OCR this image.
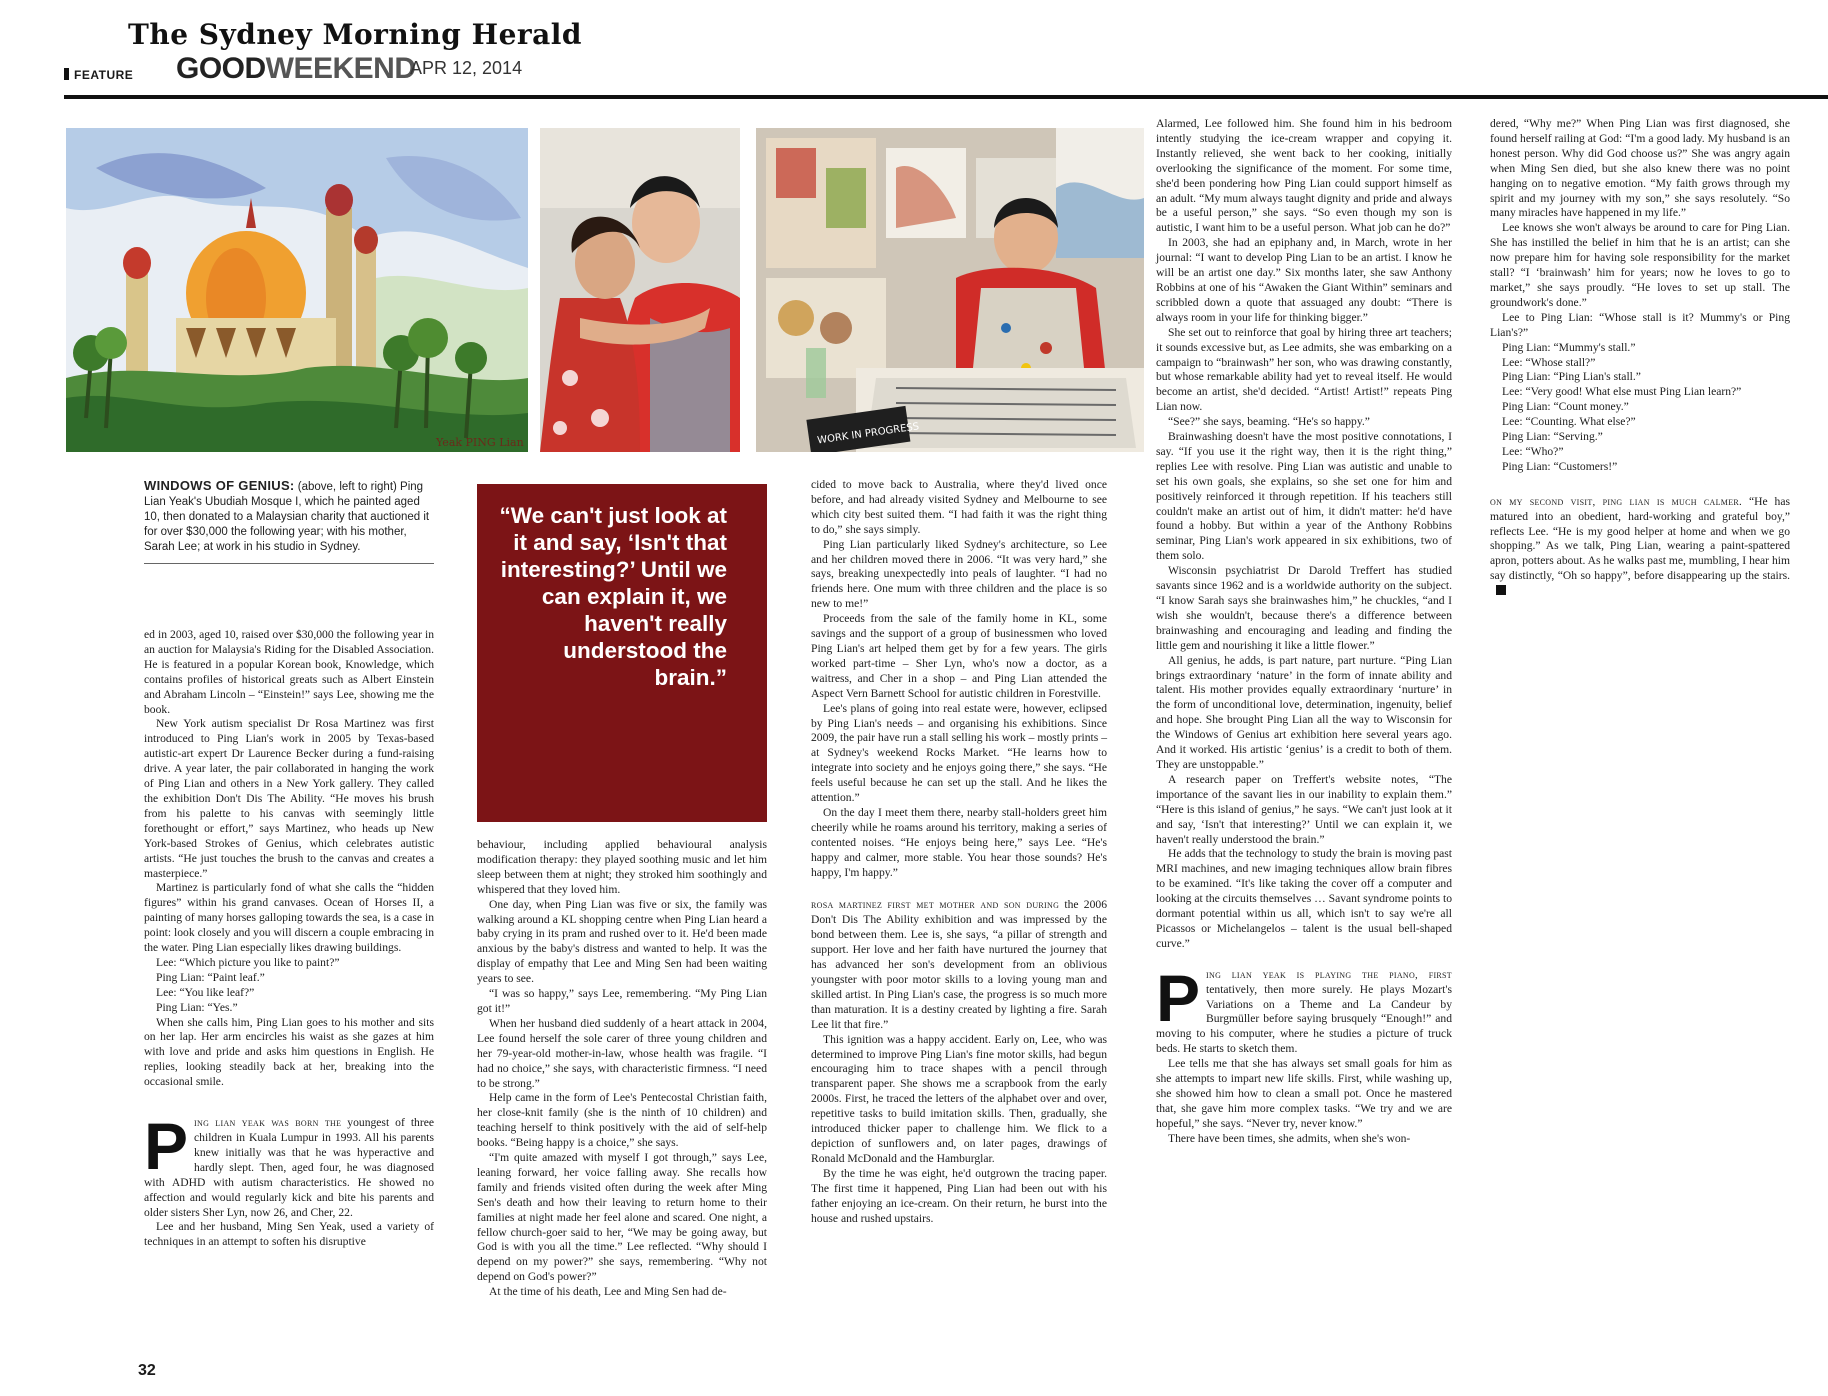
The Sydney Morning Herald
FEATURE GOODWEEKEND
APR 12, 2014
Yeak PING Lian	WORK IN PROGRESS
WINDOWS OF GENIUS: (above, left to right) Ping Lian Yeak's Ubudiah Mosque I, which he painted aged 10, then donated to a Malaysian charity that auctioned it for over $30,000 the following year; with his mother, Sarah Lee; at work in his studio in Sydney.
“We can't just look at it and say, ‘Isn't that interesting?’ Until we can explain it, we haven't really understood the brain.”

ed in 2003, aged 10, raised over $30,000 the following year in an auction for Malaysia's Riding for the Disabled Association. He is featured in a popular Korean book, Knowledge, which contains profiles of historical greats such as Albert Einstein and Abraham Lincoln – “Einstein!” says Lee, showing me the book.

New York autism specialist Dr Rosa Martinez was first introduced to Ping Lian's work in 2005 by Texas-based autistic-art expert Dr Laurence Becker during a fund-raising drive. A year later, the pair collaborated in hanging the work of Ping Lian and others in a New York gallery. They called the exhibition Don't Dis The Ability. “He moves his brush from his palette to his canvas with seemingly little forethought or effort,” says Martinez, who heads up New York-based Strokes of Genius, which celebrates autistic artists. “He just touches the brush to the canvas and creates a masterpiece.”

Martinez is particularly fond of what she calls the “hidden figures” within his grand canvases. Ocean of Horses II, a painting of many horses galloping towards the sea, is a case in point: look closely and you will discern a couple embracing in the water. Ping Lian especially likes drawing buildings.

Lee: “Which picture you like to paint?”

Ping Lian: “Paint leaf.”

Lee: “You like leaf?”

Ping Lian: “Yes.”

When she calls him, Ping Lian goes to his mother and sits on her lap. Her arm encircles his waist as she gazes at him with love and pride and asks him questions in English. He replies, looking steadily back at her, breaking into the occasional smile.

Ping lian yeak was born the youngest of three children in Kuala Lumpur in 1993. All his parents knew initially was that he was hyperactive and hardly slept. Then, aged four, he was diagnosed with ADHD with autism characteristics. He showed no affection and would regularly kick and bite his parents and older sisters Sher Lyn, now 26, and Cher, 22.

Lee and her husband, Ming Sen Yeak, used a variety of techniques in an attempt to soften his disruptive

behaviour, including applied behavioural analysis modification therapy: they played soothing music and let him sleep between them at night; they stroked him soothingly and whispered that they loved him.

One day, when Ping Lian was five or six, the family was walking around a KL shopping centre when Ping Lian heard a baby crying in its pram and rushed over to it. He'd been made anxious by the baby's distress and wanted to help. It was the display of empathy that Lee and Ming Sen had been waiting years to see.

“I was so happy,” says Lee, remembering. “My Ping Lian got it!”

When her husband died suddenly of a heart attack in 2004, Lee found herself the sole carer of three young children and her 79-year-old mother-in-law, whose health was fragile. “I had no choice,” she says, with characteristic firmness. “I need to be strong.”

Help came in the form of Lee's Pentecostal Christian faith, her close-knit family (she is the ninth of 10 children) and teaching herself to think positively with the aid of self-help books. “Being happy is a choice,” she says.

“I'm quite amazed with myself I got through,” says Lee, leaning forward, her voice falling away. She recalls how family and friends visited often during the week after Ming Sen's death and how their leaving to return home to their families at night made her feel alone and scared. One night, a fellow church-goer said to her, “We may be going away, but God is with you all the time.” Lee reflected. “Why should I depend on my power?” she says, remembering. “Why not depend on God's power?”

At the time of his death, Lee and Ming Sen had de-

cided to move back to Australia, where they'd lived once before, and had already visited Sydney and Melbourne to see which city best suited them. “I had faith it was the right thing to do,” she says simply.

Ping Lian particularly liked Sydney's architecture, so Lee and her children moved there in 2006. “It was very hard,” she says, breaking unexpectedly into peals of laughter. “I had no friends here. One mum with three children and the place is so new to me!”

Proceeds from the sale of the family home in KL, some savings and the support of a group of businessmen who loved Ping Lian's art helped them get by for a few years. The girls worked part-time – Sher Lyn, who's now a doctor, as a waitress, and Cher in a shop – and Ping Lian attended the Aspect Vern Barnett School for autistic children in Forestville.

Lee's plans of going into real estate were, however, eclipsed by Ping Lian's needs – and organising his exhibitions. Since 2009, the pair have run a stall selling his work – mostly prints – at Sydney's weekend Rocks Market. “He learns how to integrate into society and he enjoys going there,” she says. “He feels useful because he can set up the stall. And he likes the attention.”

On the day I meet them there, nearby stall-holders greet him cheerily while he roams around his territory, making a series of contented noises. “He enjoys being here,” says Lee. “He's happy and calmer, more stable. You hear those sounds? He's happy, I'm happy.”

rosa martinez first met mother and son during the 2006 Don't Dis The Ability exhibition and was impressed by the bond between them. Lee is, she says, “a pillar of strength and support. Her love and her faith have nurtured the journey that has advanced her son's development from an oblivious youngster with poor motor skills to a loving young man and skilled artist. In Ping Lian's case, the progress is so much more than maturation. It is a destiny created by lighting a fire. Sarah Lee lit that fire.”

This ignition was a happy accident. Early on, Lee, who was determined to improve Ping Lian's fine motor skills, had begun encouraging him to trace shapes with a pencil through transparent paper. She shows me a scrapbook from the early 2000s. First, he traced the letters of the alphabet over and over, repetitive tasks to build imitation skills. Then, gradually, she introduced thicker paper to challenge him. We flick to a depiction of sunflowers and, on later pages, drawings of Ronald McDonald and the Hamburglar.

By the time he was eight, he'd outgrown the tracing paper. The first time it happened, Ping Lian had been out with his father enjoying an ice-cream. On their return, he burst into the house and rushed upstairs.

Alarmed, Lee followed him. She found him in his bedroom intently studying the ice-cream wrapper and copying it. Instantly relieved, she went back to her cooking, initially overlooking the significance of the moment. For some time, she'd been pondering how Ping Lian could support himself as an adult. “My mum always taught dignity and pride and always be a useful person,” she says. “So even though my son is autistic, I want him to be a useful person. What job can he do?”

In 2003, she had an epiphany and, in March, wrote in her journal: “I want to develop Ping Lian to be an artist. I know he will be an artist one day.” Six months later, she saw Anthony Robbins at one of his “Awaken the Giant Within” seminars and scribbled down a quote that assuaged any doubt: “There is always room in your life for thinking bigger.”

She set out to reinforce that goal by hiring three art teachers; it sounds excessive but, as Lee admits, she was embarking on a campaign to “brainwash” her son, who was drawing constantly, but whose remarkable ability had yet to reveal itself. He would become an artist, she'd decided. “Artist! Artist!” repeats Ping Lian now.

“See?” she says, beaming. “He's so happy.”

Brainwashing doesn't have the most positive connotations, I say. “If you use it the right way, then it is the right thing,” replies Lee with resolve. Ping Lian was autistic and unable to set his own goals, she explains, so she set one for him and positively reinforced it through repetition. If his teachers still couldn't make an artist out of him, it didn't matter: he'd have found a hobby. But within a year of the Anthony Robbins seminar, Ping Lian's work appeared in six exhibitions, two of them solo.

Wisconsin psychiatrist Dr Darold Treffert has studied savants since 1962 and is a worldwide authority on the subject. “I know Sarah says she brainwashes him,” he chuckles, “and I wish she wouldn't, because there's a difference between brainwashing and encouraging and leading and finding the little gem and nourishing it like a little flower.”

All genius, he adds, is part nature, part nurture. “Ping Lian brings extraordinary ‘nature’ in the form of innate ability and talent. His mother provides equally extraordinary ‘nurture’ in the form of unconditional love, determination, ingenuity, belief and hope. She brought Ping Lian all the way to Wisconsin for the Windows of Genius art exhibition here several years ago. And it worked. His artistic ‘genius’ is a credit to both of them. They are unstoppable.”

A research paper on Treffert's website notes, “The importance of the savant lies in our inability to explain them.” “Here is this island of genius,” he says. “We can't just look at it and say, ‘Isn't that interesting?’ Until we can explain it, we haven't really understood the brain.”

He adds that the technology to study the brain is moving past MRI machines, and new imaging techniques allow brain fibres to be examined. “It's like taking the cover off a computer and looking at the circuits themselves … Savant syndrome points to dormant potential within us all, which isn't to say we're all Picassos or Michelangelos – talent is the usual bell-shaped curve.”

Ping lian yeak is playing the piano, first tentatively, then more surely. He plays Mozart's Variations on a Theme and La Candeur by Burgmüller before saying brusquely “Enough!” and moving to his computer, where he studies a picture of truck beds. He starts to sketch them.

Lee tells me that she has always set small goals for him as she attempts to impart new life skills. First, while washing up, she showed him how to clean a small pot. Once he mastered that, she gave him more complex tasks. “We try and we are hopeful,” she says. “Never try, never know.”

There have been times, she admits, when she's won-

dered, “Why me?” When Ping Lian was first diagnosed, she found herself railing at God: “I'm a good lady. My husband is an honest person. Why did God choose us?” She was angry again when Ming Sen died, but she also knew there was no point hanging on to negative emotion. “My faith grows through my spirit and my journey with my son,” she says resolutely. “So many miracles have happened in my life.”

Lee knows she won't always be around to care for Ping Lian. She has instilled the belief in him that he is an artist; can she now prepare him for having sole responsibility for the market stall? “I ‘brainwash’ him for years; now he loves to go to market,” she says proudly. “He loves to set up stall. The groundwork's done.”

Lee to Ping Lian: “Whose stall is it? Mummy's or Ping Lian's?”

Ping Lian: “Mummy's stall.”

Lee: “Whose stall?”

Ping Lian: “Ping Lian's stall.”

Lee: “Very good! What else must Ping Lian learn?”

Ping Lian: “Count money.”

Lee: “Counting. What else?”

Ping Lian: “Serving.”

Lee: “Who?”

Ping Lian: “Customers!”

on my second visit, ping lian is much calmer. “He has matured into an obedient, hard-working and grateful boy,” reflects Lee. “He is my good helper at home and when we go shopping.” As we talk, Ping Lian, wearing a paint-spattered apron, potters about. As he walks past me, mumbling, I hear him say distinctly, “Oh so happy”, before disappearing up the stairs.

32
